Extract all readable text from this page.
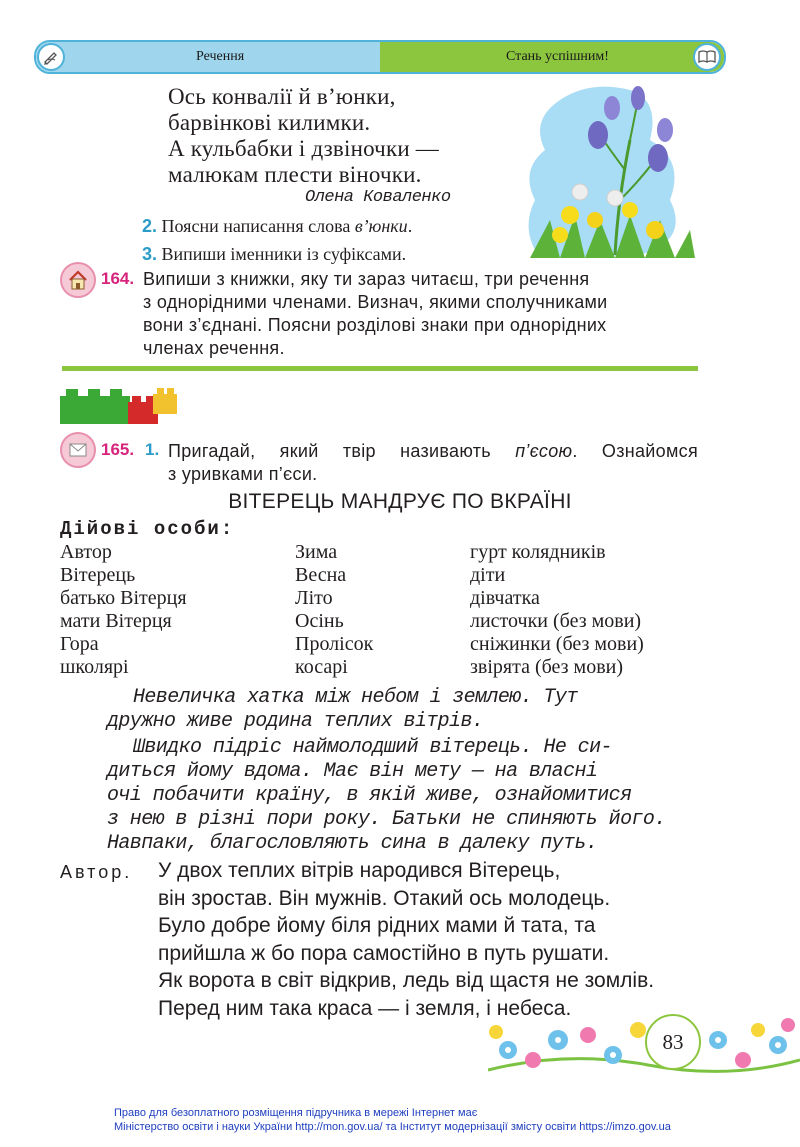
Речення	Стань успішним!
Ось конвалії й в’юнки,
барвінкові килимки.
А кульбабки і дзвіночки —
малюкам плести віночки.
Олена Коваленко
2. Поясни написання слова в’юнки.
3. Випиши іменники із суфіксами.
164. Випиши з книжки, яку ти зараз читаєш, три речення
з однорідними членами. Визнач, якими сполучниками
вони з’єднані. Поясни розділові знаки при однорідних
членах речення.
165. 1. Пригадай, який твір називають п’єсою. Ознайомся
з уривками п’єси.
ВІТЕРЕЦЬ МАНДРУЄ ПО ВКРАЇНІ
Дійові особи:
Автор
Вітерець
батько Вітерця
мати Вітерця
Гора
школярі
Зима
Весна
Літо
Осінь
Пролісок
косарі
гурт колядників
діти
дівчатка
листочки (без мови)
сніжинки (без мови)
звірята (без мови)
Невеличка хатка між небом і землею. Тут
дружно живе родина теплих вітрів.
Швидко підріс наймолодший вітерець. Не си-
диться йому вдома. Має він мету — на власні
очі побачити країну, в якій живе, ознайомитися
з нею в різні пори року. Батьки не спиняють його.
Навпаки, благословляють сина в далеку путь.
Автор. У двох теплих вітрів народився Вітерець,
він зростав. Він мужнів. Отакий ось молодець.
Було добре йому біля рідних мами й тата, та
прийшла ж бо пора самостійно в путь рушати.
Як ворота в світ відкрив, ледь від щастя не зомлів.
Перед ним така краса — і земля, і небеса.
83
Право для безоплатного розміщення підручника в мережі Інтернет має
Міністерство освіти і науки України http://mon.gov.ua/ та Інститут модернізації змісту освіти https://imzo.gov.ua
